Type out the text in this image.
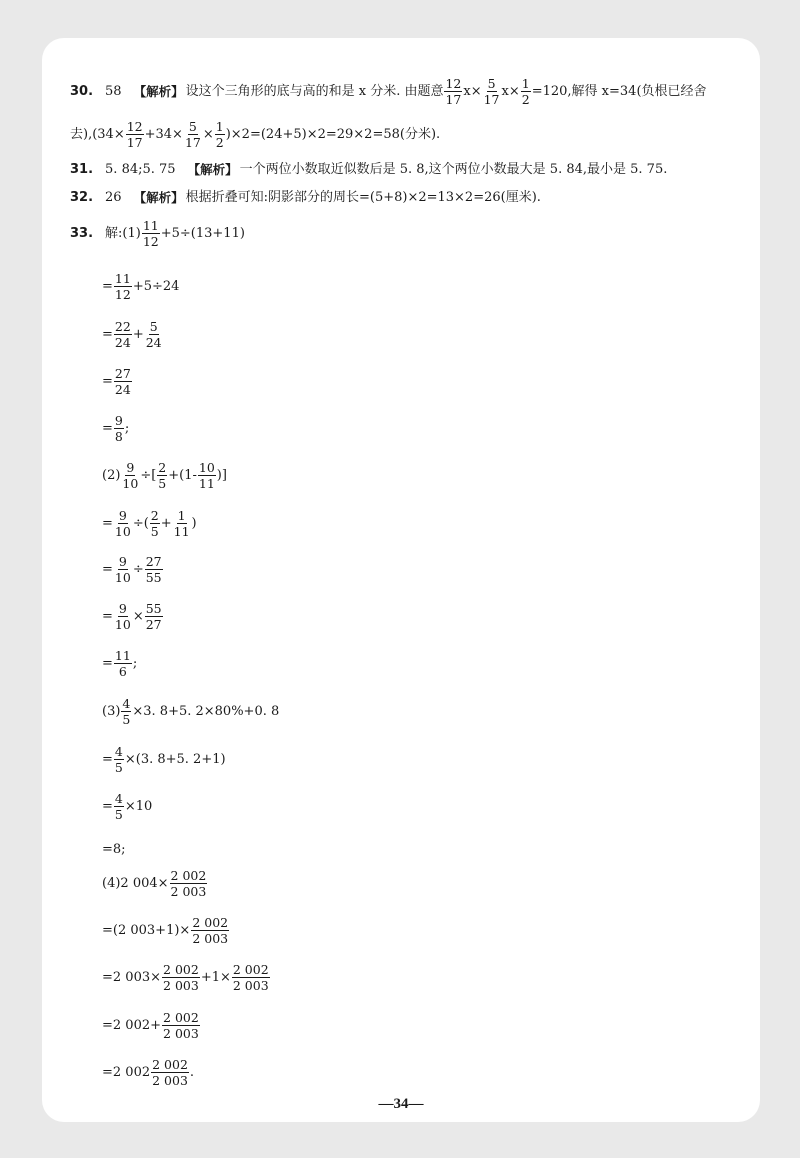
30. 58 【解析】 设这个三角形的底与高的和是 x 分米. 由题意 $\frac{12}{17} x\times \frac{5}{17} x\times \frac{1}{2} =120$,解得 x=34(负根已经舍
去)$,(34\times \frac{12}{17} +34\times \frac{5}{17} \times \frac{1}{2} )\times 2=(24+5)\times 2=29\times 2=58$(分米).
31. 5. 84;5. 75 【解析】 一个两位小数取近似数后是 5. 8,这个两位小数最大是 5. 84,最小是 5. 75.
32. 26 【解析】 根据折叠可知:阴影部分的周长=(5+8)×2=13×2=26(厘米).
33. 解:(1) $\frac{11}{12} +5\div(13+11)$
= $\frac{11}{12} +5\div 24$
= $\frac{22}{24} + \frac{5}{24}$
= $\frac{27}{24}$
= $\frac{9}{8}$ ;
$(2) \frac{9}{10}$ ÷[ $\frac{2}{5} +(1- \frac{10}{11}$ )]
= $\frac{9}{10}$ ÷( $\frac{2}{5} + \frac{1}{11}$ )
= $\frac{9}{10} \div \frac{27}{55}$
= $\frac{9}{10} \times \frac{55}{27}$
= $\frac{11}{6}$ ;
$(3) \frac{4}{5} \times 3$. 8+5. 2×80%+0. 8
= $\frac{4}{5} \times(3$. 8+5. 2+1)
= $\frac{4}{5} \times 10$
=8;
(4)2 $004\times \frac{2 002}{2 003}$
=(2 $003+1)\times \frac{2 002}{2 003}$
=2 $003\times \frac{2 002}{2 003} +1\times \frac{2 002}{2 003}$
=2 $002+ \frac{2 002}{2 003}$
=2 $002 \frac{2 002}{2 003}$ .
—34—
